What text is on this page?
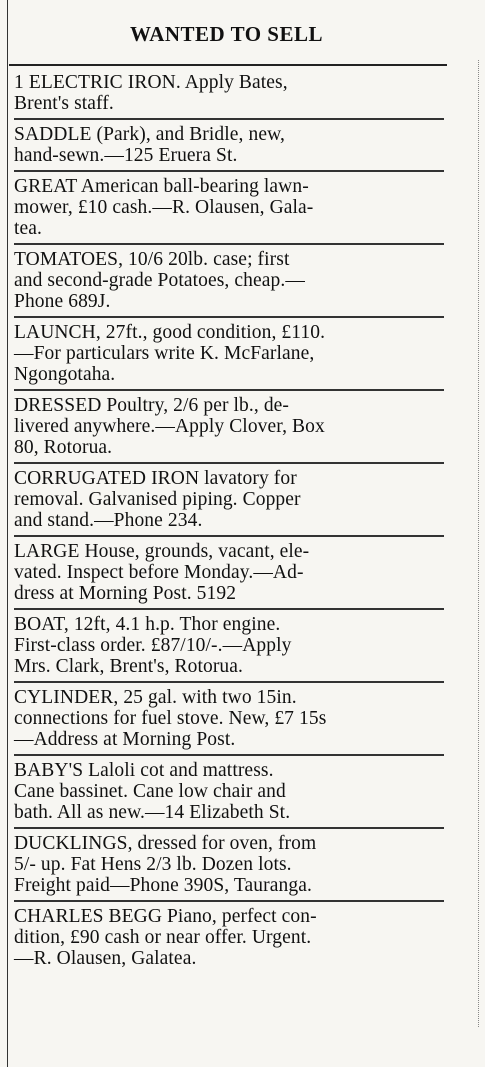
WANTED TO SELL
1 ELECTRIC IRON. Apply Bates,
Brent's staff.
SADDLE (Park), and Bridle, new,
hand-sewn.—125 Eruera St.
GREAT American ball-bearing lawn-
mower, £10 cash.—R. Olausen, Gala-
tea.
TOMATOES, 10/6 20lb. case; first
and second-grade Potatoes, cheap.—
Phone 689J.
LAUNCH, 27ft., good condition, £110.
—For particulars write K. McFarlane,
Ngongotaha.
DRESSED Poultry, 2/6 per lb., de-
livered anywhere.—Apply Clover, Box
80, Rotorua.
CORRUGATED IRON lavatory for
removal. Galvanised piping. Copper
and stand.—Phone 234.
LARGE House, grounds, vacant, ele-
vated. Inspect before Monday.—Ad-
dress at Morning Post. 5192
BOAT, 12ft, 4.1 h.p. Thor engine.
First-class order. £87/10/-.—Apply
Mrs. Clark, Brent's, Rotorua.
CYLINDER, 25 gal. with two 15in.
connections for fuel stove. New, £7 15s
—Address at Morning Post.
BABY'S Laloli cot and mattress.
Cane bassinet. Cane low chair and
bath. All as new.—14 Elizabeth St.
DUCKLINGS, dressed for oven, from
5/- up. Fat Hens 2/3 lb. Dozen lots.
Freight paid—Phone 390S, Tauranga.
CHARLES BEGG Piano, perfect con-
dition, £90 cash or near offer. Urgent.
—R. Olausen, Galatea.
